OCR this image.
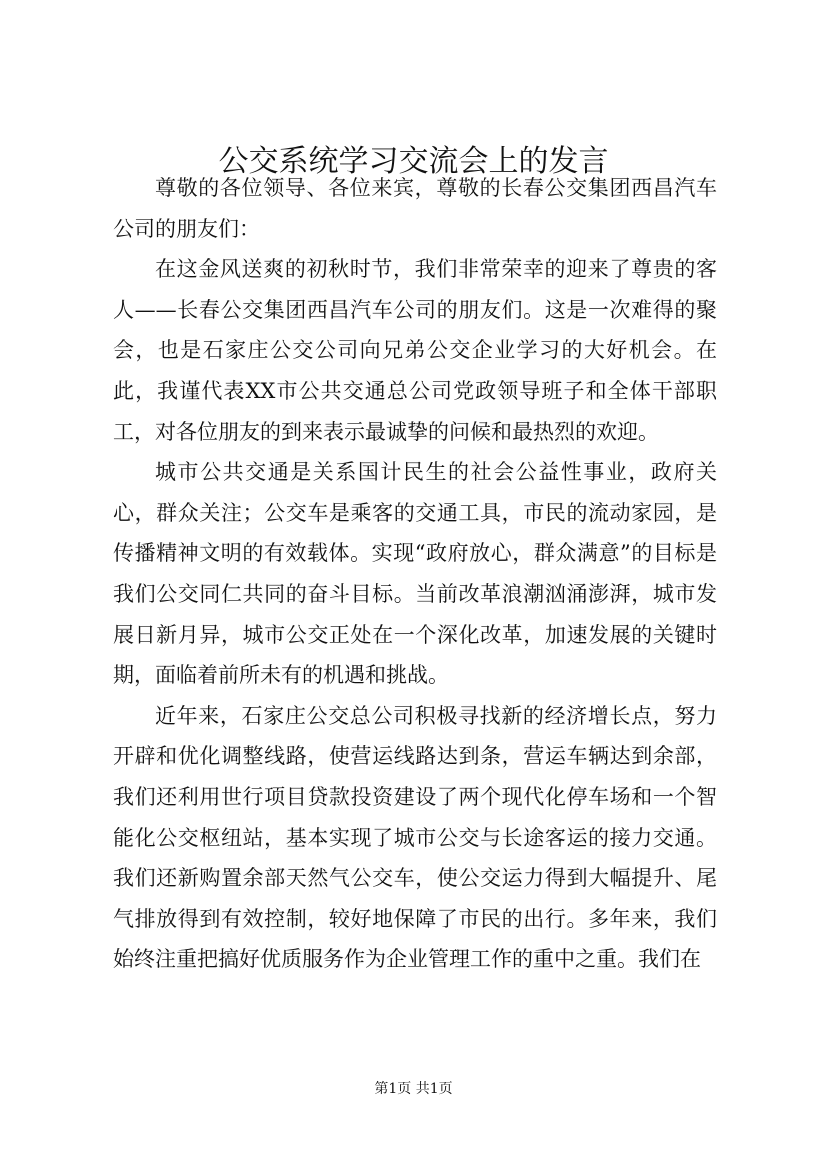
公交系统学习交流会上的发言

尊敬的各位领导、各位来宾，尊敬的长春公交集团西昌汽车公司的朋友们：

在这金风送爽的初秋时节，我们非常荣幸的迎来了尊贵的客人——长春公交集团西昌汽车公司的朋友们。这是一次难得的聚会，也是石家庄公交公司向兄弟公交企业学习的大好机会。在此，我谨代表XX市公共交通总公司党政领导班子和全体干部职工，对各位朋友的到来表示最诚挚的问候和最热烈的欢迎。

城市公共交通是关系国计民生的社会公益性事业，政府关心，群众关注；公交车是乘客的交通工具，市民的流动家园，是传播精神文明的有效载体。实现“政府放心，群众满意”的目标是我们公交同仁共同的奋斗目标。当前改革浪潮汹涌澎湃，城市发展日新月异，城市公交正处在一个深化改革，加速发展的关键时期，面临着前所未有的机遇和挑战。

近年来，石家庄公交总公司积极寻找新的经济增长点，努力开辟和优化调整线路，使营运线路达到条，营运车辆达到余部，我们还利用世行项目贷款投资建设了两个现代化停车场和一个智能化公交枢纽站，基本实现了城市公交与长途客运的接力交通。我们还新购置余部天然气公交车，使公交运力得到大幅提升、尾气排放得到有效控制，较好地保障了市民的出行。多年来，我们始终注重把搞好优质服务作为企业管理工作的重中之重。我们在

第1页 共1页
